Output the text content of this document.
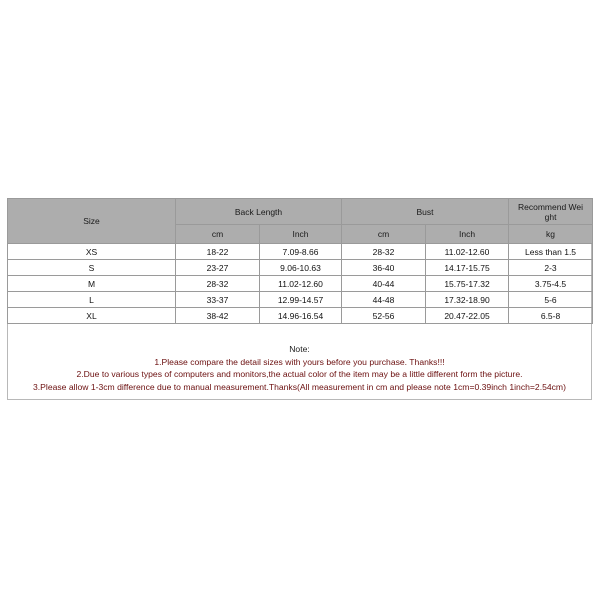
Size	Back Length		Bust		Recommend Wei
ght
	cm	Inch	cm	Inch	kg
XS	18-22	7.09-8.66	28-32	11.02-12.60	Less than 1.5
S	23-27	9.06-10.63	36-40	14.17-15.75	2-3
M	28-32	11.02-12.60	40-44	15.75-17.32	3.75-4.5
L	33-37	12.99-14.57	44-48	17.32-18.90	5-6
XL	38-42	14.96-16.54	52-56	20.47-22.05	6.5-8
Note:
1.Please compare the detail sizes with yours before you purchase. Thanks!!!
2.Due to various types of computers and monitors,the actual color of the item may be a little different form the picture.
3.Please allow 1-3cm difference due to manual measurement.Thanks(All measurement in cm and please note 1cm=0.39inch 1inch=2.54cm)
